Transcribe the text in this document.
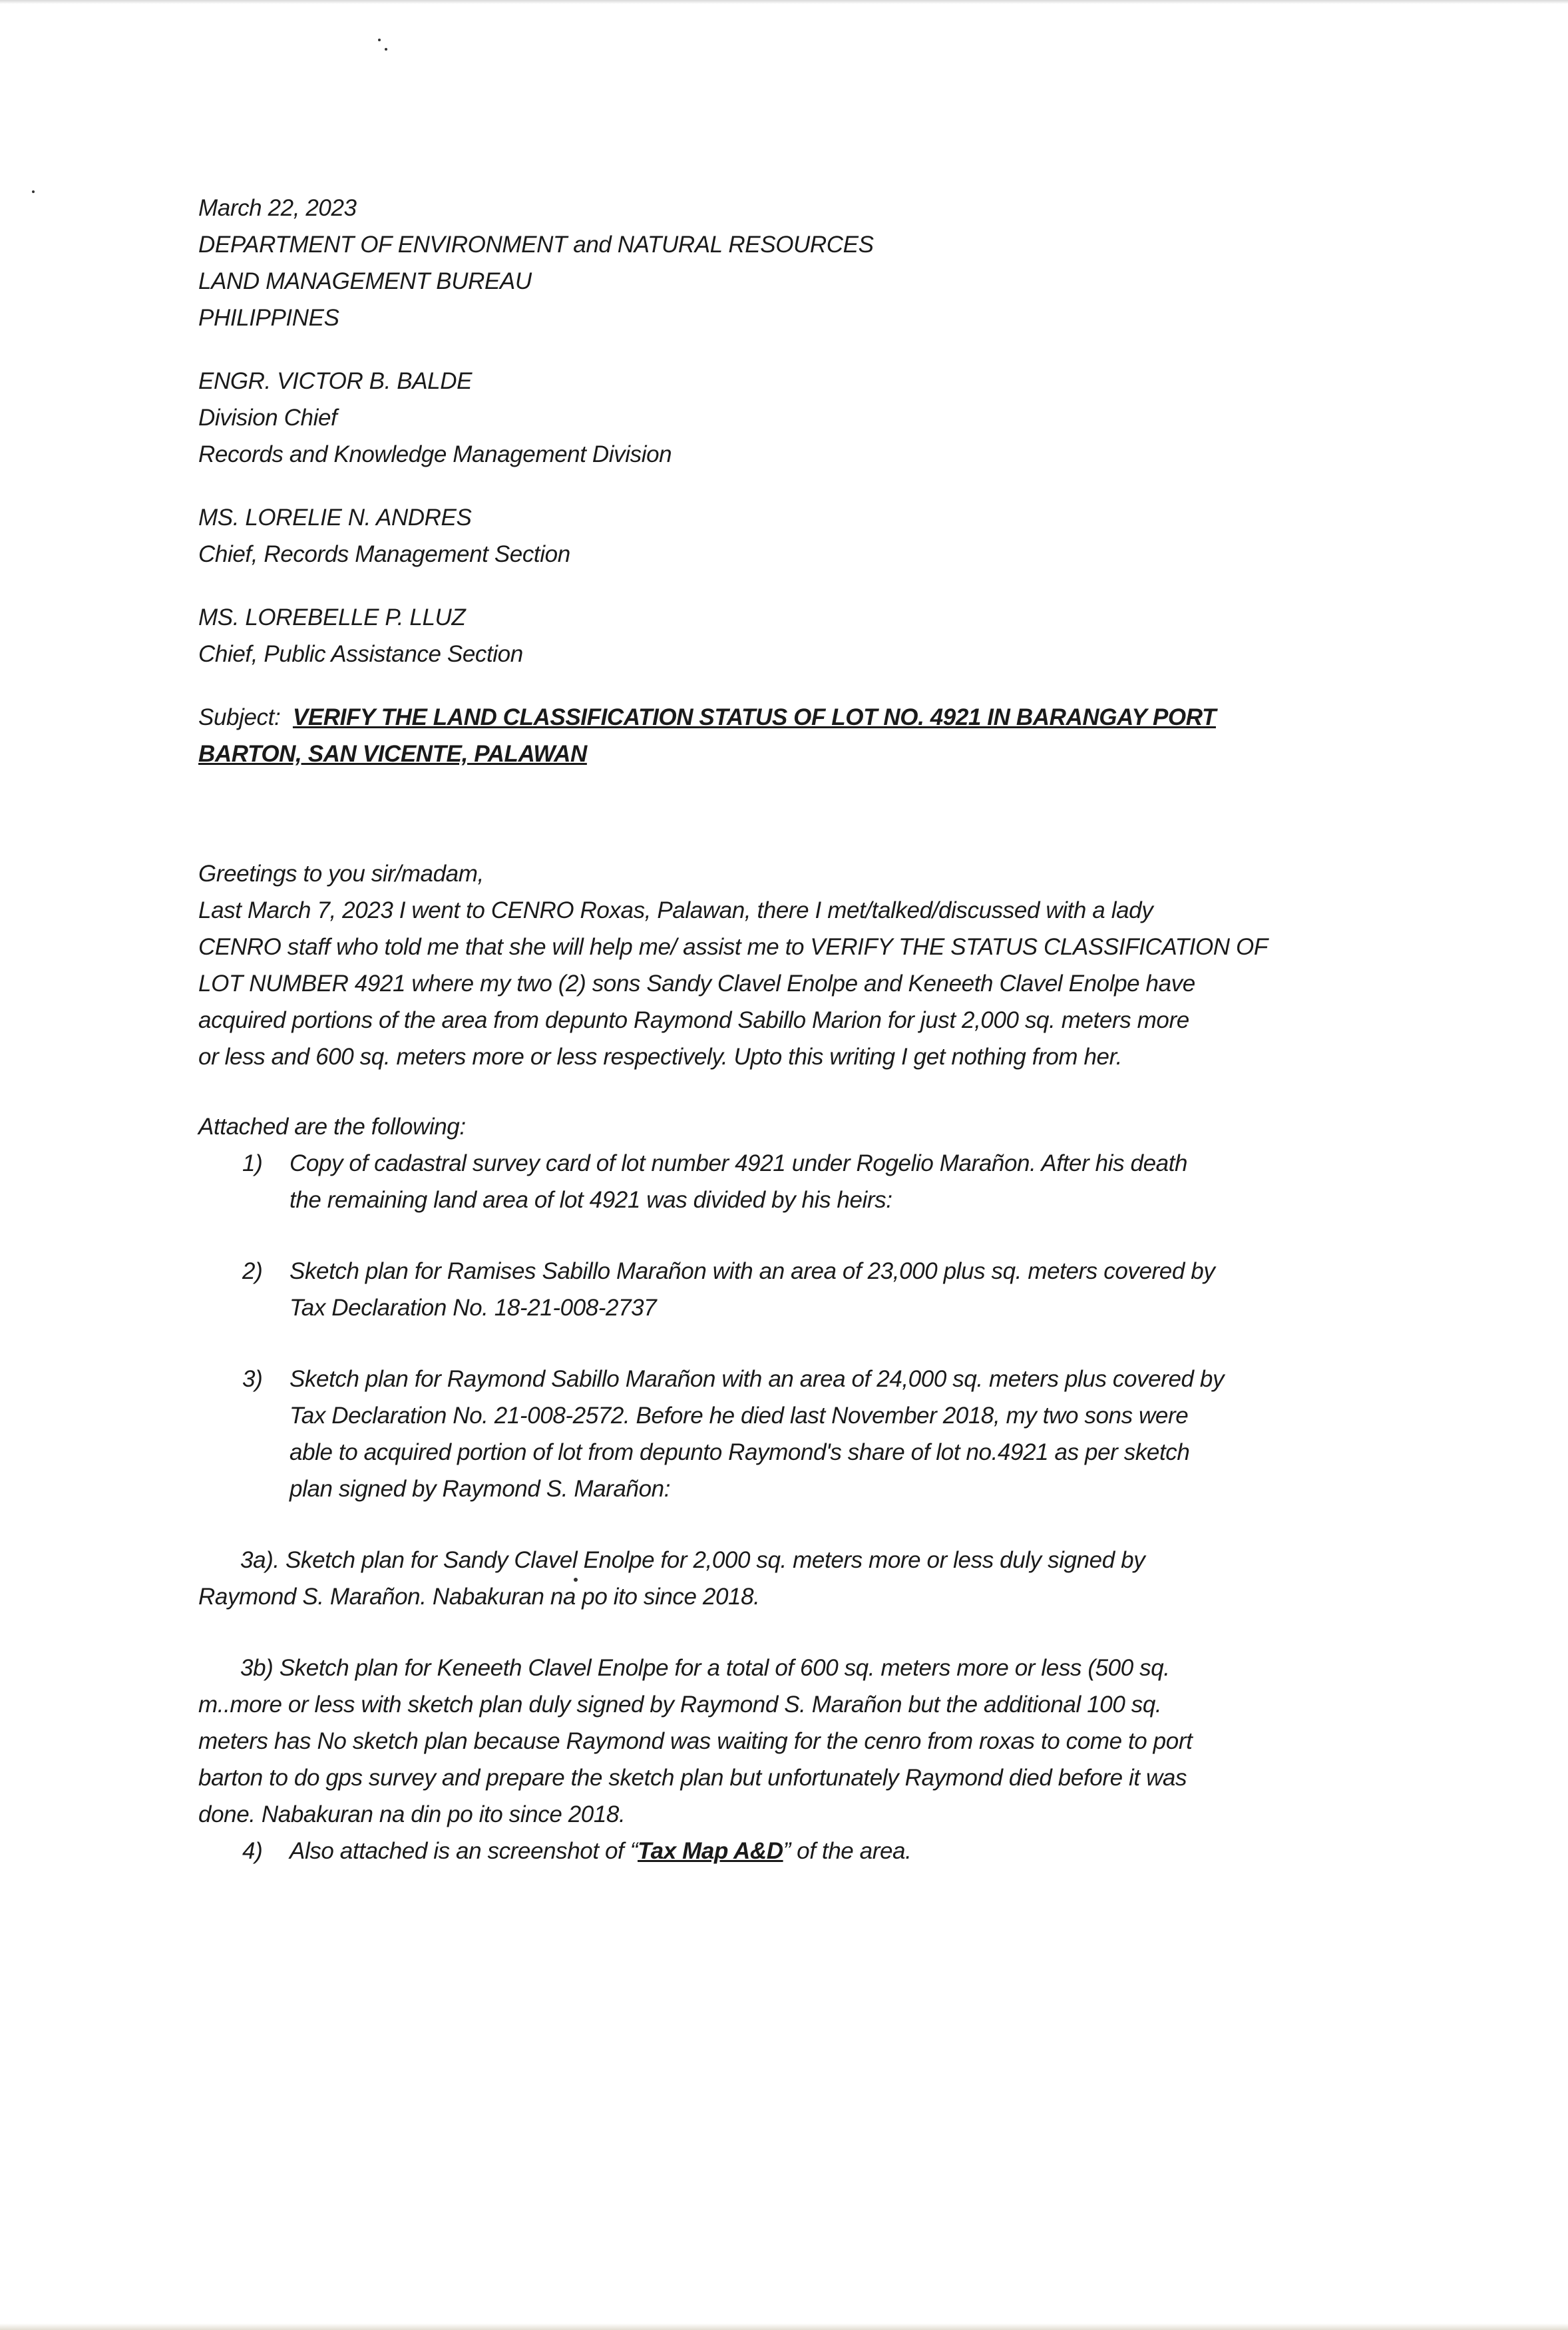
March 22, 2023

DEPARTMENT OF ENVIRONMENT and NATURAL RESOURCES
LAND MANAGEMENT BUREAU
PHILIPPINES
ENGR. VICTOR B. BALDE
Division Chief
Records and Knowledge Management Division
MS. LORELIE N. ANDRES
Chief, Records Management Section
MS. LOREBELLE P. LLUZ
Chief, Public Assistance Section
Subject: VERIFY THE LAND CLASSIFICATION STATUS OF LOT NO. 4921 IN BARANGAY PORT
BARTON, SAN VICENTE, PALAWAN

Greetings to you sir/madam,

Last March 7, 2023 I went to CENRO Roxas, Palawan, there I met/talked/discussed with a lady
CENRO staff who told me that she will help me/ assist me to VERIFY THE STATUS CLASSIFICATION OF
LOT NUMBER 4921 where my two (2) sons Sandy Clavel Enolpe and Keneeth Clavel Enolpe have
acquired portions of the area from depunto Raymond Sabillo Marion for just 2,000 sq. meters more
or less and 600 sq. meters more or less respectively. Upto this writing I get nothing from her.

Attached are the following:

1) Copy of cadastral survey card of lot number 4921 under Rogelio Marañon. After his death
the remaining land area of lot 4921 was divided by his heirs:
2) Sketch plan for Ramises Sabillo Marañon with an area of 23,000 plus sq. meters covered by
Tax Declaration No. 18-21-008-2737
3) Sketch plan for Raymond Sabillo Marañon with an area of 24,000 sq. meters plus covered by
Tax Declaration No. 21-008-2572. Before he died last November 2018, my two sons were
able to acquired portion of lot from depunto Raymond's share of lot no.4921 as per sketch
plan signed by Raymond S. Marañon:
3a). Sketch plan for Sandy Clavel Enolpe for 2,000 sq. meters more or less duly signed by
Raymond S. Marañon. Nabakuran na po ito since 2018.
3b) Sketch plan for Keneeth Clavel Enolpe for a total of 600 sq. meters more or less (500 sq.
m..more or less with sketch plan duly signed by Raymond S. Marañon but the additional 100 sq.
meters has No sketch plan because Raymond was waiting for the cenro from roxas to come to port
barton to do gps survey and prepare the sketch plan but unfortunately Raymond died before it was
done. Nabakuran na din po ito since 2018.
4) Also attached is an screenshot of “Tax Map A&D” of the area.
